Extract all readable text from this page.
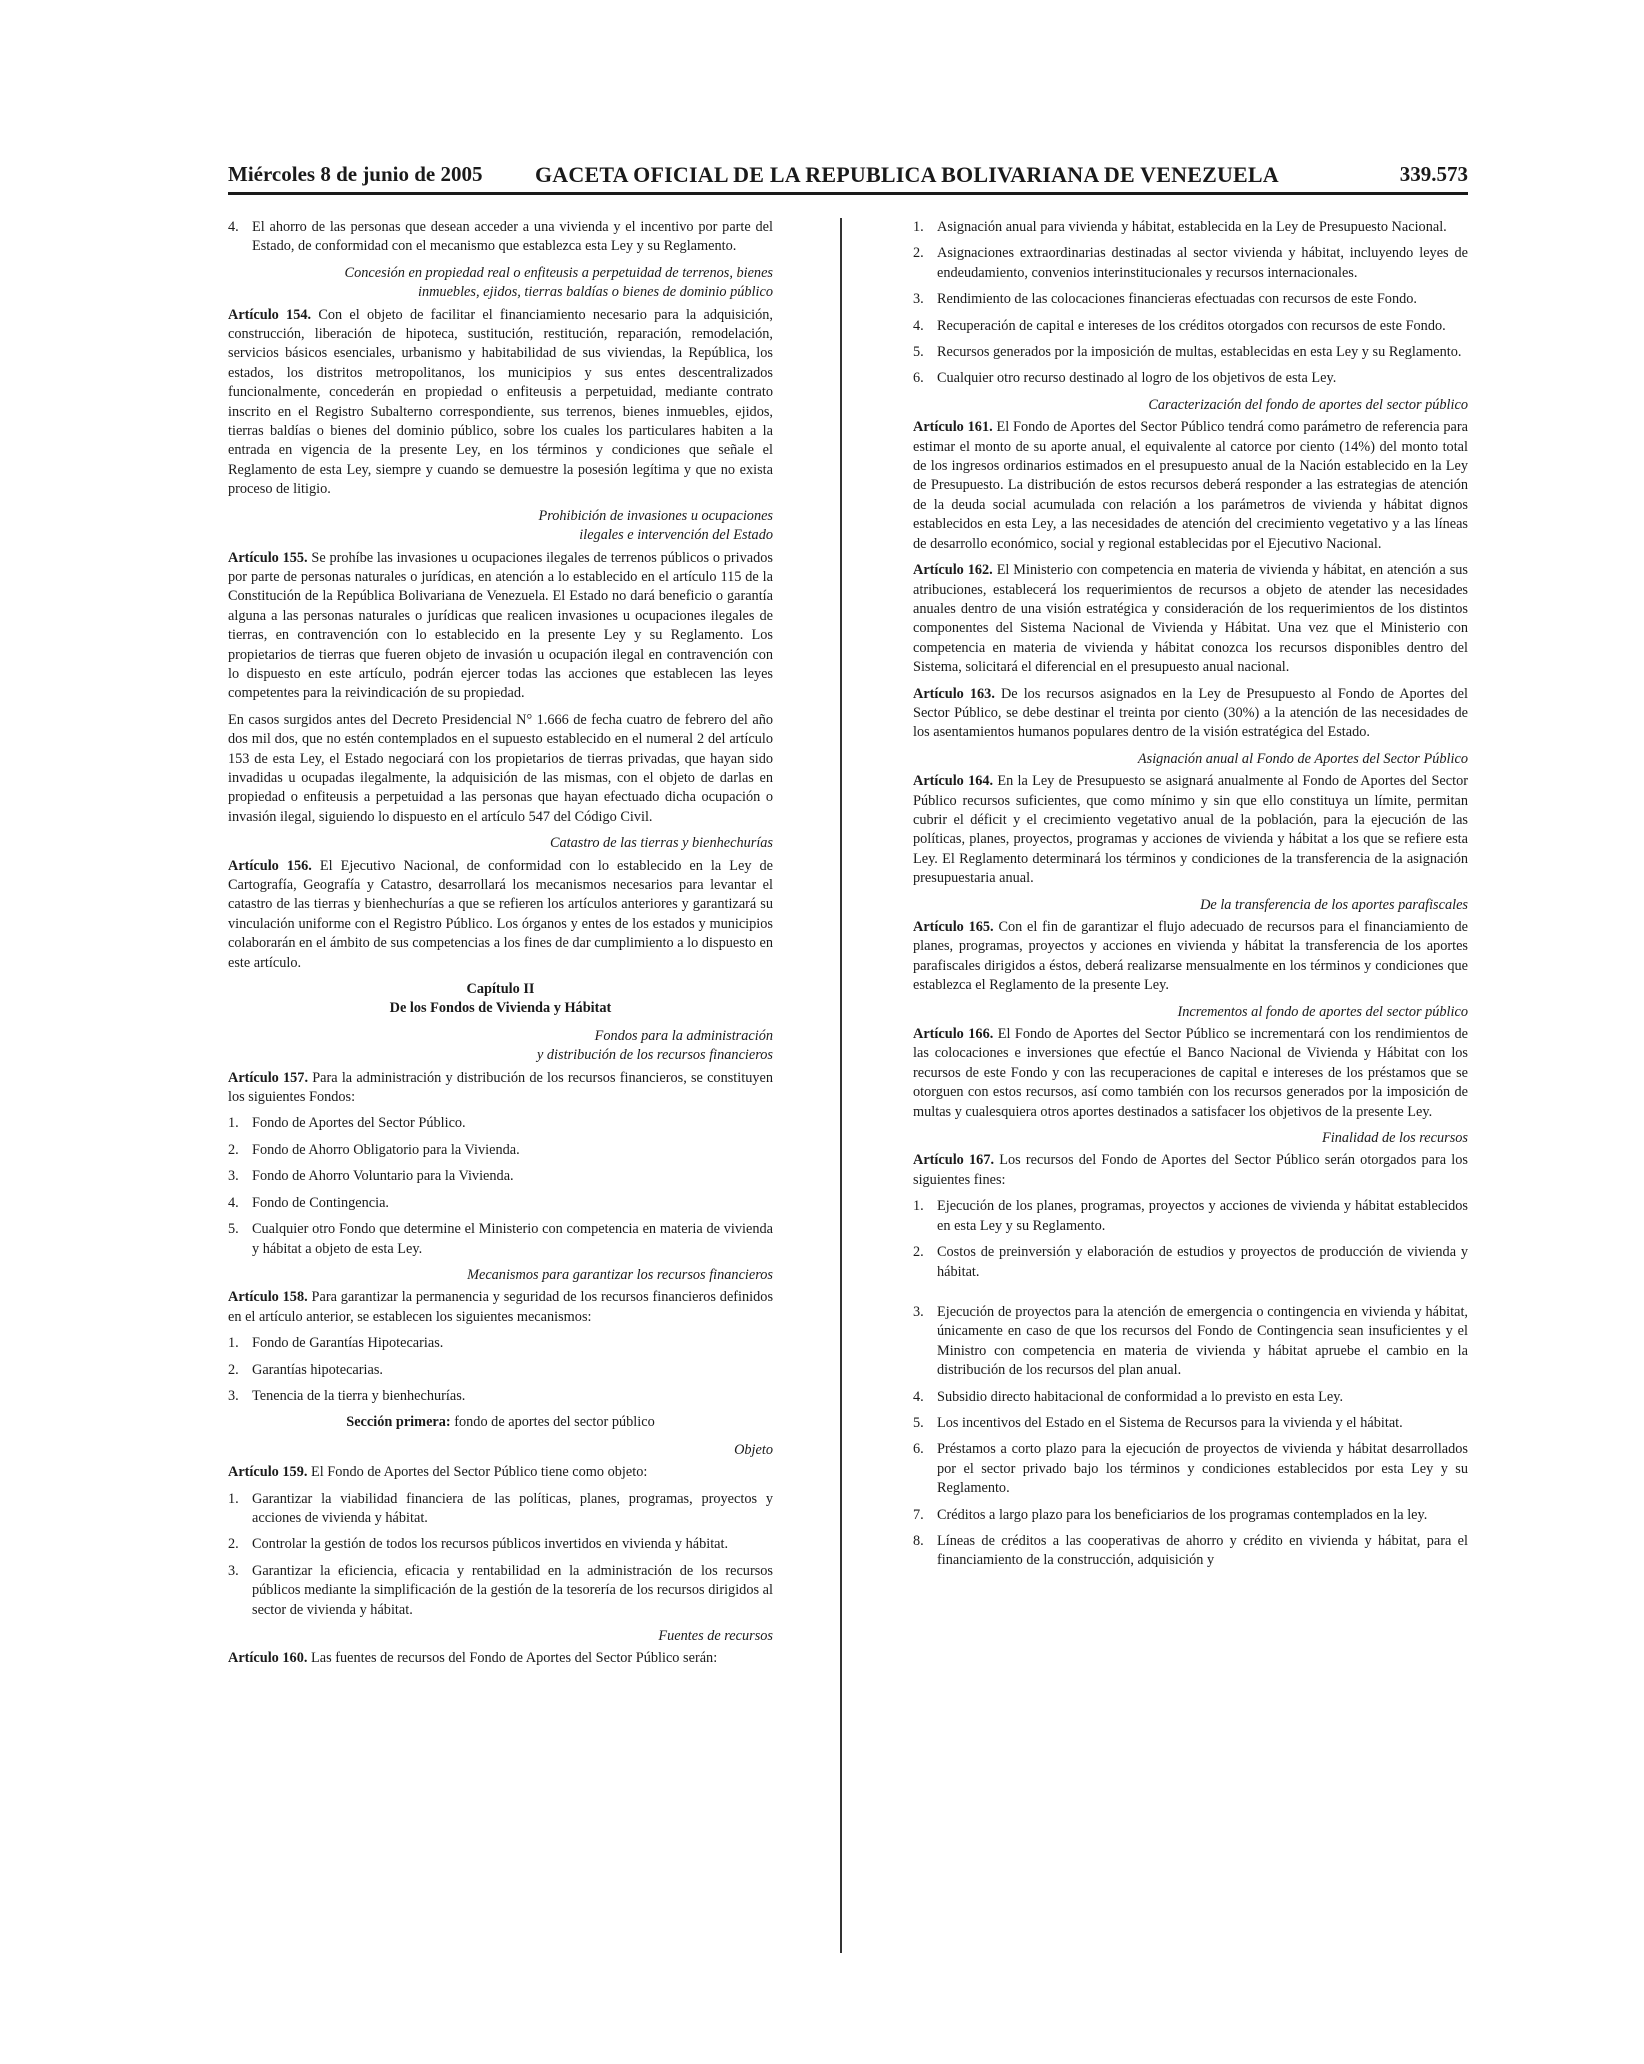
Miércoles 8 de junio de 2005 GACETA OFICIAL DE LA REPUBLICA BOLIVARIANA DE VENEZUELA	339.573
4. El ahorro de las personas que desean acceder a una vivienda y el incentivo por parte del Estado, de conformidad con el mecanismo que establezca esta Ley y su Reglamento.
Concesión en propiedad real o enfiteusis a perpetuidad de terrenos, bienes
inmuebles, ejidos, tierras baldías o bienes de dominio público

Artículo 154. Con el objeto de facilitar el financiamiento necesario para la adquisición, construcción, liberación de hipoteca, sustitución, restitución, reparación, remodelación, servicios básicos esenciales, urbanismo y habitabilidad de sus viviendas, la República, los estados, los distritos metropolitanos, los municipios y sus entes descentralizados funcionalmente, concederán en propiedad o enfiteusis a perpetuidad, mediante contrato inscrito en el Registro Subalterno correspondiente, sus terrenos, bienes inmuebles, ejidos, tierras baldías o bienes del dominio público, sobre los cuales los particulares habiten a la entrada en vigencia de la presente Ley, en los términos y condiciones que señale el Reglamento de esta Ley, siempre y cuando se demuestre la posesión legítima y que no exista proceso de litigio.

Prohibición de invasiones u ocupaciones
ilegales e intervención del Estado

Artículo 155. Se prohíbe las invasiones u ocupaciones ilegales de terrenos públicos o privados por parte de personas naturales o jurídicas, en atención a lo establecido en el artículo 115 de la Constitución de la República Bolivariana de Venezuela. El Estado no dará beneficio o garantía alguna a las personas naturales o jurídicas que realicen invasiones u ocupaciones ilegales de tierras, en contravención con lo establecido en la presente Ley y su Reglamento. Los propietarios de tierras que fueren objeto de invasión u ocupación ilegal en contravención con lo dispuesto en este artículo, podrán ejercer todas las acciones que establecen las leyes competentes para la reivindicación de su propiedad.

En casos surgidos antes del Decreto Presidencial N° 1.666 de fecha cuatro de febrero del año dos mil dos, que no estén contemplados en el supuesto establecido en el numeral 2 del artículo 153 de esta Ley, el Estado negociará con los propietarios de tierras privadas, que hayan sido invadidas u ocupadas ilegalmente, la adquisición de las mismas, con el objeto de darlas en propiedad o enfiteusis a perpetuidad a las personas que hayan efectuado dicha ocupación o invasión ilegal, siguiendo lo dispuesto en el artículo 547 del Código Civil.

Catastro de las tierras y bienhechurías

Artículo 156. El Ejecutivo Nacional, de conformidad con lo establecido en la Ley de Cartografía, Geografía y Catastro, desarrollará los mecanismos necesarios para levantar el catastro de las tierras y bienhechurías a que se refieren los artículos anteriores y garantizará su vinculación uniforme con el Registro Público. Los órganos y entes de los estados y municipios colaborarán en el ámbito de sus competencias a los fines de dar cumplimiento a lo dispuesto en este artículo.

Capítulo II
De los Fondos de Vivienda y Hábitat
Fondos para la administración
y distribución de los recursos financieros

Artículo 157. Para la administración y distribución de los recursos financieros, se constituyen los siguientes Fondos:

1. Fondo de Aportes del Sector Público.
2. Fondo de Ahorro Obligatorio para la Vivienda.
3. Fondo de Ahorro Voluntario para la Vivienda.
4. Fondo de Contingencia.
5. Cualquier otro Fondo que determine el Ministerio con competencia en materia de vivienda y hábitat a objeto de esta Ley.
Mecanismos para garantizar los recursos financieros

Artículo 158. Para garantizar la permanencia y seguridad de los recursos financieros definidos en el artículo anterior, se establecen los siguientes mecanismos:

1. Fondo de Garantías Hipotecarias.
2. Garantías hipotecarias.
3. Tenencia de la tierra y bienhechurías.
Sección primera: fondo de aportes del sector público
Objeto

Artículo 159. El Fondo de Aportes del Sector Público tiene como objeto:

1. Garantizar la viabilidad financiera de las políticas, planes, programas, proyectos y acciones de vivienda y hábitat.
2. Controlar la gestión de todos los recursos públicos invertidos en vivienda y hábitat.
3. Garantizar la eficiencia, eficacia y rentabilidad en la administración de los recursos públicos mediante la simplificación de la gestión de la tesorería de los recursos dirigidos al sector de vivienda y hábitat.
Fuentes de recursos

Artículo 160. Las fuentes de recursos del Fondo de Aportes del Sector Público serán:

1. Asignación anual para vivienda y hábitat, establecida en la Ley de Presupuesto Nacional.
2. Asignaciones extraordinarias destinadas al sector vivienda y hábitat, incluyendo leyes de endeudamiento, convenios interinstitucionales y recursos internacionales.
3. Rendimiento de las colocaciones financieras efectuadas con recursos de este Fondo.
4. Recuperación de capital e intereses de los créditos otorgados con recursos de este Fondo.
5. Recursos generados por la imposición de multas, establecidas en esta Ley y su Reglamento.
6. Cualquier otro recurso destinado al logro de los objetivos de esta Ley.
Caracterización del fondo de aportes del sector público

Artículo 161. El Fondo de Aportes del Sector Público tendrá como parámetro de referencia para estimar el monto de su aporte anual, el equivalente al catorce por ciento (14%) del monto total de los ingresos ordinarios estimados en el presupuesto anual de la Nación establecido en la Ley de Presupuesto. La distribución de estos recursos deberá responder a las estrategias de atención de la deuda social acumulada con relación a los parámetros de vivienda y hábitat dignos establecidos en esta Ley, a las necesidades de atención del crecimiento vegetativo y a las líneas de desarrollo económico, social y regional establecidas por el Ejecutivo Nacional.

Artículo 162. El Ministerio con competencia en materia de vivienda y hábitat, en atención a sus atribuciones, establecerá los requerimientos de recursos a objeto de atender las necesidades anuales dentro de una visión estratégica y consideración de los requerimientos de los distintos componentes del Sistema Nacional de Vivienda y Hábitat. Una vez que el Ministerio con competencia en materia de vivienda y hábitat conozca los recursos disponibles dentro del Sistema, solicitará el diferencial en el presupuesto anual nacional.

Artículo 163. De los recursos asignados en la Ley de Presupuesto al Fondo de Aportes del Sector Público, se debe destinar el treinta por ciento (30%) a la atención de las necesidades de los asentamientos humanos populares dentro de la visión estratégica del Estado.

Asignación anual al Fondo de Aportes del Sector Público

Artículo 164. En la Ley de Presupuesto se asignará anualmente al Fondo de Aportes del Sector Público recursos suficientes, que como mínimo y sin que ello constituya un límite, permitan cubrir el déficit y el crecimiento vegetativo anual de la población, para la ejecución de las políticas, planes, proyectos, programas y acciones de vivienda y hábitat a los que se refiere esta Ley. El Reglamento determinará los términos y condiciones de la transferencia de la asignación presupuestaria anual.

De la transferencia de los aportes parafiscales

Artículo 165. Con el fin de garantizar el flujo adecuado de recursos para el financiamiento de planes, programas, proyectos y acciones en vivienda y hábitat la transferencia de los aportes parafiscales dirigidos a éstos, deberá realizarse mensualmente en los términos y condiciones que establezca el Reglamento de la presente Ley.

Incrementos al fondo de aportes del sector público

Artículo 166. El Fondo de Aportes del Sector Público se incrementará con los rendimientos de las colocaciones e inversiones que efectúe el Banco Nacional de Vivienda y Hábitat con los recursos de este Fondo y con las recuperaciones de capital e intereses de los préstamos que se otorguen con estos recursos, así como también con los recursos generados por la imposición de multas y cualesquiera otros aportes destinados a satisfacer los objetivos de la presente Ley.

Finalidad de los recursos

Artículo 167. Los recursos del Fondo de Aportes del Sector Público serán otorgados para los siguientes fines:

1. Ejecución de los planes, programas, proyectos y acciones de vivienda y hábitat establecidos en esta Ley y su Reglamento.
2. Costos de preinversión y elaboración de estudios y proyectos de producción de vivienda y hábitat.
3. Ejecución de proyectos para la atención de emergencia o contingencia en vivienda y hábitat, únicamente en caso de que los recursos del Fondo de Contingencia sean insuficientes y el Ministro con competencia en materia de vivienda y hábitat apruebe el cambio en la distribución de los recursos del plan anual.
4. Subsidio directo habitacional de conformidad a lo previsto en esta Ley.
5. Los incentivos del Estado en el Sistema de Recursos para la vivienda y el hábitat.
6. Préstamos a corto plazo para la ejecución de proyectos de vivienda y hábitat desarrollados por el sector privado bajo los términos y condiciones establecidos por esta Ley y su Reglamento.
7. Créditos a largo plazo para los beneficiarios de los programas contemplados en la ley.
8. Líneas de créditos a las cooperativas de ahorro y crédito en vivienda y hábitat, para el financiamiento de la construcción, adquisición y
